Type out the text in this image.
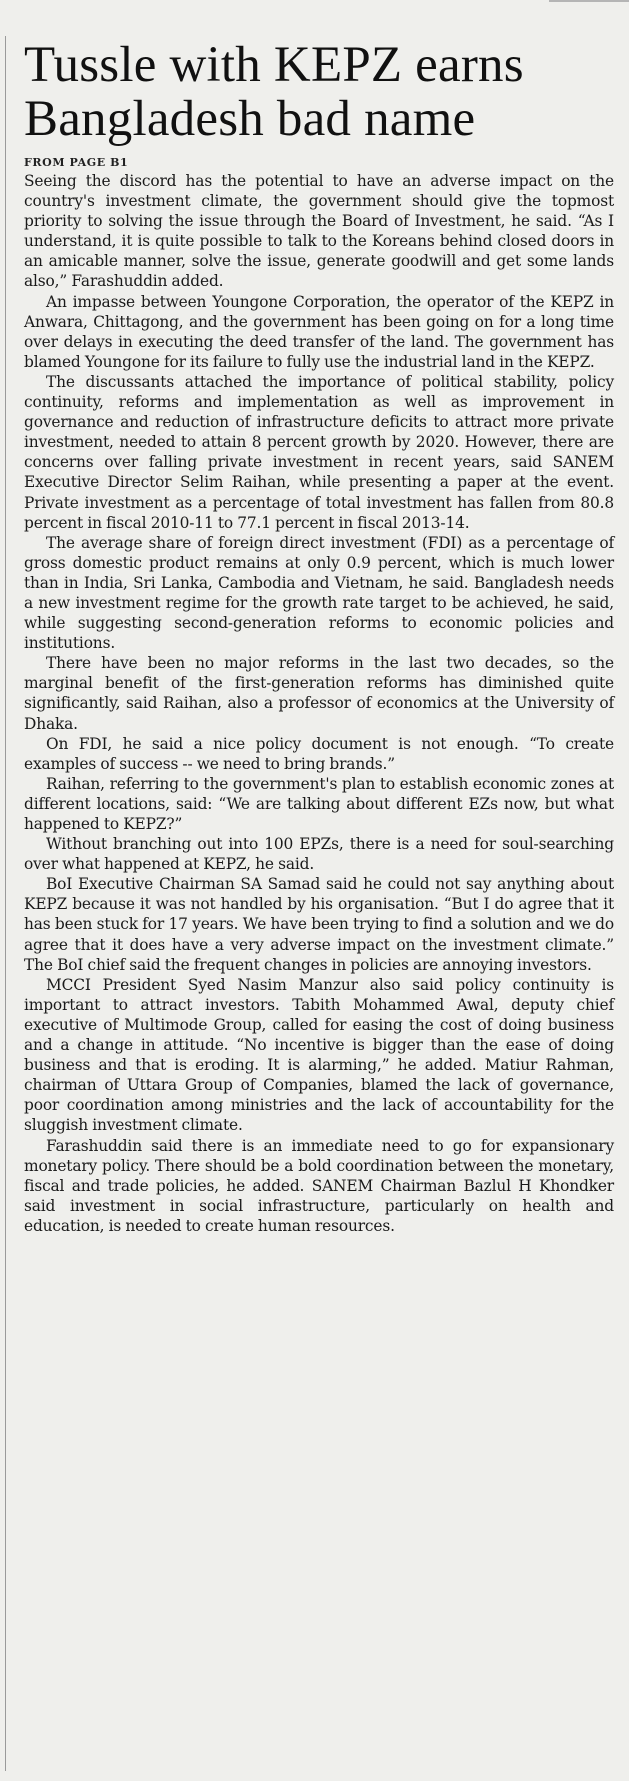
Tussle with KEPZ earns
Bangladesh bad name
FROM PAGE B1

Seeing the discord has the potential to have an adverse impact on the country's investment climate, the government should give the topmost priority to solving the issue through the Board of Investment, he said. “As I understand, it is quite possible to talk to the Koreans behind closed doors in an amicable manner, solve the issue, generate goodwill and get some lands also,” Farashuddin added.

An impasse between Youngone Corporation, the operator of the KEPZ in Anwara, Chittagong, and the government has been going on for a long time over delays in executing the deed transfer of the land. The government has blamed Youngone for its failure to fully use the industrial land in the KEPZ.

The discussants attached the importance of political stability, policy continuity, reforms and implementation as well as improvement in governance and reduction of infrastructure deficits to attract more private investment, needed to attain 8 percent growth by 2020. However, there are concerns over falling private investment in recent years, said SANEM Executive Director Selim Raihan, while presenting a paper at the event. Private investment as a percentage of total investment has fallen from 80.8 percent in fiscal 2010-11 to 77.1 percent in fiscal 2013-14.

The average share of foreign direct investment (FDI) as a percentage of gross domestic product remains at only 0.9 percent, which is much lower than in India, Sri Lanka, Cambodia and Vietnam, he said. Bangladesh needs a new investment regime for the growth rate target to be achieved, he said, while suggesting second-generation reforms to economic policies and institutions.

There have been no major reforms in the last two decades, so the marginal benefit of the first-generation reforms has diminished quite significantly, said Raihan, also a professor of economics at the University of Dhaka.

On FDI, he said a nice policy document is not enough. “To create examples of success -- we need to bring brands.”

Raihan, referring to the government's plan to establish economic zones at different locations, said: “We are talking about different EZs now, but what happened to KEPZ?”

Without branching out into 100 EPZs, there is a need for soul-searching over what happened at KEPZ, he said.

BoI Executive Chairman SA Samad said he could not say anything about KEPZ because it was not handled by his organisation. “But I do agree that it has been stuck for 17 years. We have been trying to find a solution and we do agree that it does have a very adverse impact on the investment climate.” The BoI chief said the frequent changes in policies are annoying investors.

MCCI President Syed Nasim Manzur also said policy continuity is important to attract investors. Tabith Mohammed Awal, deputy chief executive of Multimode Group, called for easing the cost of doing business and a change in attitude. “No incentive is bigger than the ease of doing business and that is eroding. It is alarming,” he added. Matiur Rahman, chairman of Uttara Group of Companies, blamed the lack of governance, poor coordination among ministries and the lack of accountability for the sluggish investment climate.

Farashuddin said there is an immediate need to go for expansionary monetary policy. There should be a bold coordination between the monetary, fiscal and trade policies, he added. SANEM Chairman Bazlul H Khondker said investment in social infrastructure, particularly on health and education, is needed to create human resources.
